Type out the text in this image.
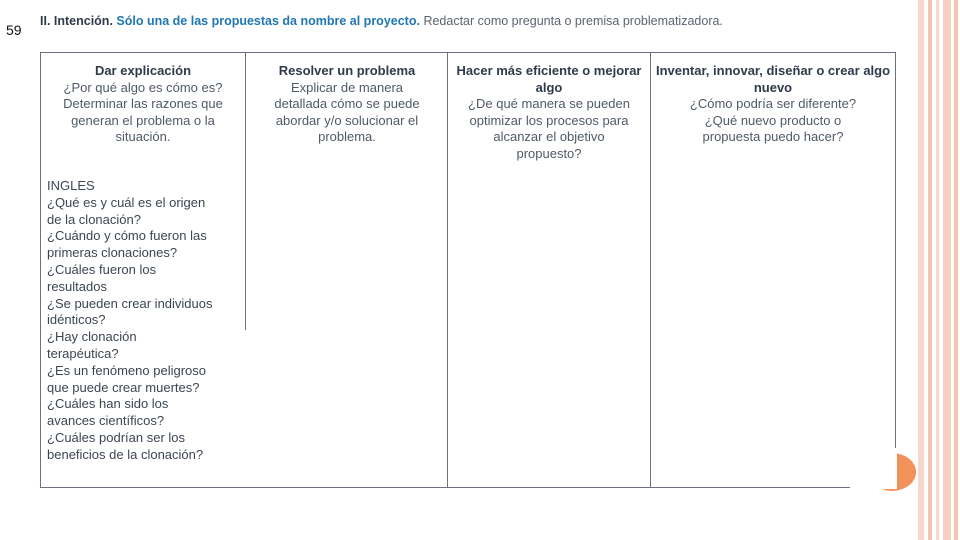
59
II. Intención. Sólo una de las propuestas da nombre al proyecto. Redactar como pregunta o premisa problematizadora.
Dar explicación
¿Por qué algo es cómo es?
Determinar las razones que
generan el problema o la
situación.
Resolver un problema
Explicar de manera
detallada cómo se puede
abordar y/o solucionar el
problema.
Hacer más eficiente o mejorar algo
¿De qué manera se pueden
optimizar los procesos para
alcanzar el objetivo
propuesto?
Inventar, innovar, diseñar o crear algo nuevo
¿Cómo podría ser diferente?
¿Qué nuevo producto o
propuesta puedo hacer?
INGLES
¿Qué es y cuál es el origen
de la clonación?
¿Cuándo y cómo fueron las
primeras clonaciones?
¿Cuáles fueron los
resultados
¿Se pueden crear individuos
idénticos?
¿Hay clonación
terapéutica?
¿Es un fenómeno peligroso
que puede crear muertes?
¿Cuáles han sido los
avances científicos?
¿Cuáles podrían ser los
beneficios de la clonación?
